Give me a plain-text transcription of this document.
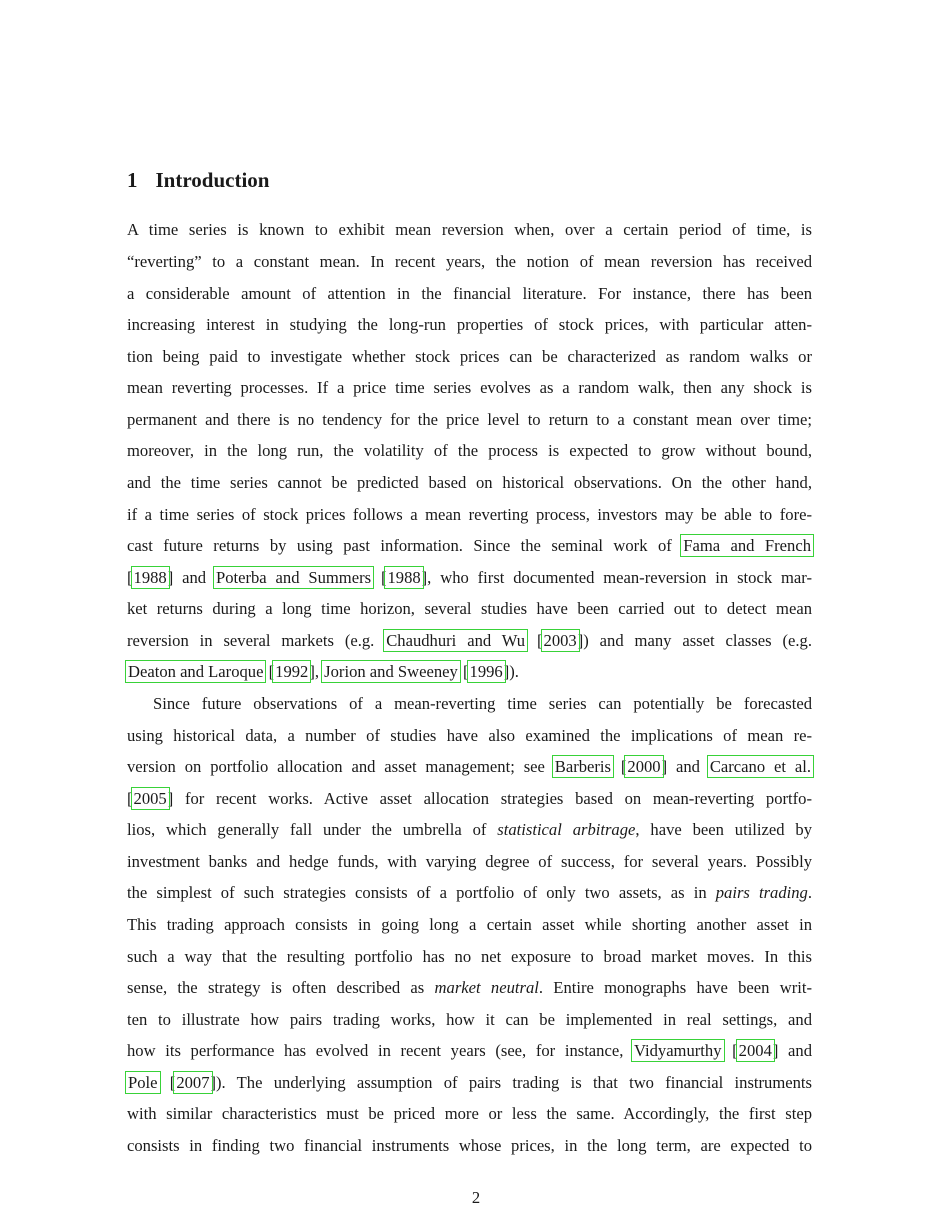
1 Introduction
A time series is known to exhibit mean reversion when, over a certain period of time, is
“reverting” to a constant mean. In recent years, the notion of mean reversion has received
a considerable amount of attention in the financial literature. For instance, there has been
increasing interest in studying the long-run properties of stock prices, with particular atten-
tion being paid to investigate whether stock prices can be characterized as random walks or
mean reverting processes. If a price time series evolves as a random walk, then any shock is
permanent and there is no tendency for the price level to return to a constant mean over time;
moreover, in the long run, the volatility of the process is expected to grow without bound,
and the time series cannot be predicted based on historical observations. On the other hand,
if a time series of stock prices follows a mean reverting process, investors may be able to fore-
cast future returns by using past information. Since the seminal work of Fama and French
[1988] and Poterba and Summers [1988], who first documented mean-reversion in stock mar-
ket returns during a long time horizon, several studies have been carried out to detect mean
reversion in several markets (e.g. Chaudhuri and Wu [2003]) and many asset classes (e.g.
Deaton and Laroque [1992], Jorion and Sweeney [1996]).
Since future observations of a mean-reverting time series can potentially be forecasted
using historical data, a number of studies have also examined the implications of mean re-
version on portfolio allocation and asset management; see Barberis [2000] and Carcano et al.
[2005] for recent works. Active asset allocation strategies based on mean-reverting portfo-
lios, which generally fall under the umbrella of statistical arbitrage, have been utilized by
investment banks and hedge funds, with varying degree of success, for several years. Possibly
the simplest of such strategies consists of a portfolio of only two assets, as in pairs trading.
This trading approach consists in going long a certain asset while shorting another asset in
such a way that the resulting portfolio has no net exposure to broad market moves. In this
sense, the strategy is often described as market neutral. Entire monographs have been writ-
ten to illustrate how pairs trading works, how it can be implemented in real settings, and
how its performance has evolved in recent years (see, for instance, Vidyamurthy [2004] and
Pole [2007]). The underlying assumption of pairs trading is that two financial instruments
with similar characteristics must be priced more or less the same. Accordingly, the first step
consists in finding two financial instruments whose prices, in the long term, are expected to
2
